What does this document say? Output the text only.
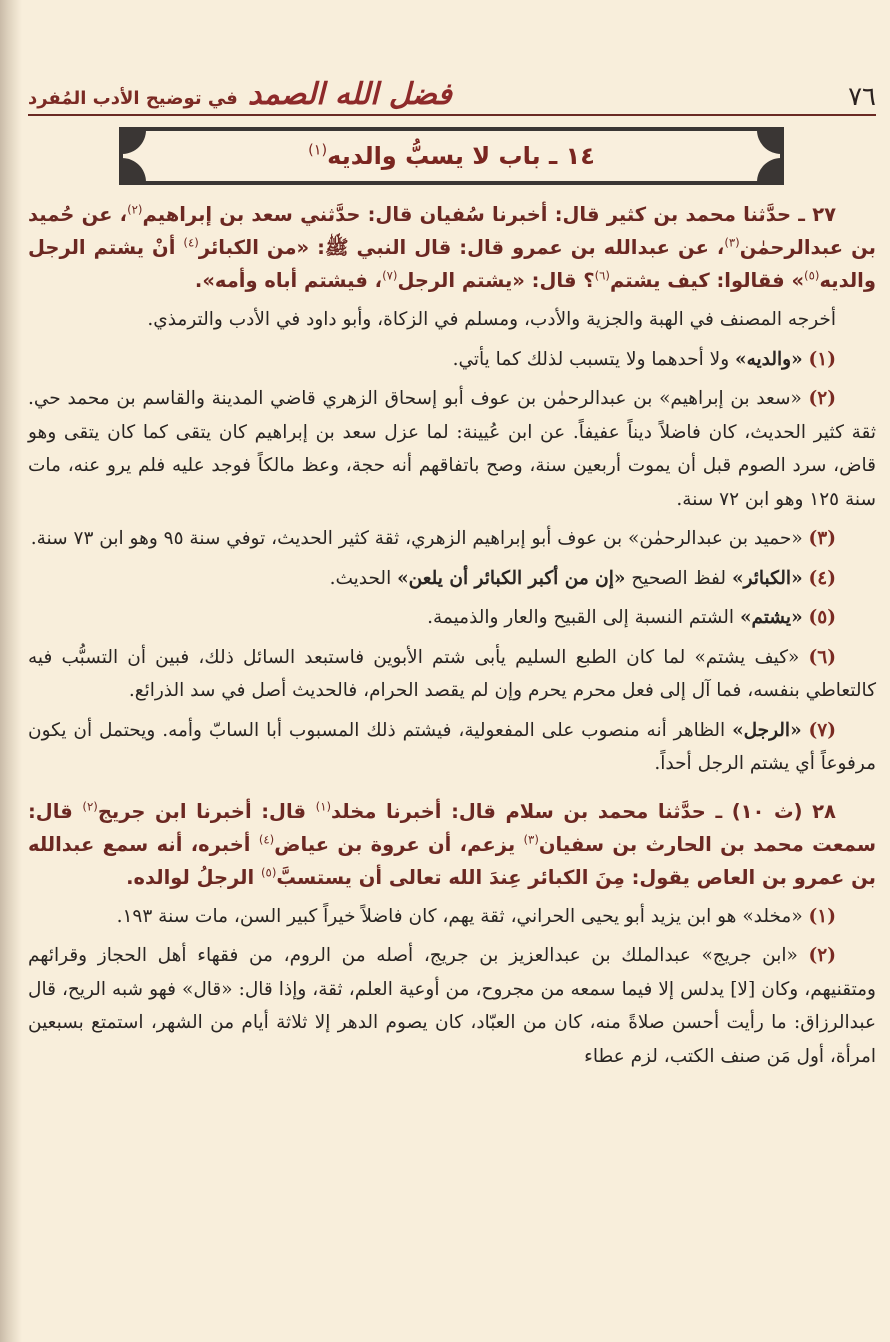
٧٦
فضل الله الصمد
في توضيح الأدب المُفرد
١٤ ـ باب لا يسبُّ والديه$^{(١)}$

٢٧ ـ حدَّثنا محمد بن كثير قال: أخبرنا سُفيان قال: حدَّثني سعد بن إبراهيم$^{(٢)}$، عن حُميد بن عبدالرحمٰن$^{(٣)}$، عن عبدالله بن عمرو قال: قال النبي ﷺ: «من الكبائر$^{(٤)}$ أنْ يشتم الرجل والديه$^{(٥)}$» فقالوا: كيف يشتم$^{(٦)}$؟ قال: «يشتم الرجل$^{(٧)}$، فيشتم أباه وأمه».

أخرجه المصنف في الهبة والجزية والأدب، ومسلم في الزكاة، وأبو داود في الأدب والترمذي.

(١) «والديه» ولا أحدهما ولا يتسبب لذلك كما يأتي.

(٢) «سعد بن إبراهيم» بن عبدالرحمٰن بن عوف أبو إسحاق الزهري قاضي المدينة والقاسم بن محمد حي. ثقة كثير الحديث، كان فاضلاً ديناً عفيفاً. عن ابن عُيينة: لما عزل سعد بن إبراهيم كان يتقى كما كان يتقى وهو قاض، سرد الصوم قبل أن يموت أربعين سنة، وصح باتفاقهم أنه حجة، وعظ مالكاً فوجد عليه فلم يرو عنه، مات سنة ١٢٥ وهو ابن ٧٢ سنة.

(٣) «حميد بن عبدالرحمٰن» بن عوف أبو إبراهيم الزهري، ثقة كثير الحديث، توفي سنة ٩٥ وهو ابن ٧٣ سنة.

(٤) «الكبائر» لفظ الصحيح «إن من أكبر الكبائر أن يلعن» الحديث.

(٥) «يشتم» الشتم النسبة إلى القبيح والعار والذميمة.

(٦) «كيف يشتم» لما كان الطبع السليم يأبى شتم الأبوين فاستبعد السائل ذلك، فبين أن التسبُّب فيه كالتعاطي بنفسه، فما آل إلى فعل محرم يحرم وإن لم يقصد الحرام، فالحديث أصل في سد الذرائع.

(٧) «الرجل» الظاهر أنه منصوب على المفعولية، فيشتم ذلك المسبوب أبا السابّ وأمه. ويحتمل أن يكون مرفوعاً أي يشتم الرجل أحداً.

٢٨ (ث ١٠) ـ حدَّثنا محمد بن سلام قال: أخبرنا مخلد$^{(١)}$ قال: أخبرنا ابن جريج$^{(٢)}$ قال: سمعت محمد بن الحارث بن سفيان$^{(٣)}$ يزعم، أن عروة بن عياض$^{(٤)}$ أخبره، أنه سمع عبدالله بن عمرو بن العاص يقول: مِنَ الكبائر عِندَ الله تعالى أن يستسبَّ$^{(٥)}$ الرجلُ لوالده.

(١) «مخلد» هو ابن يزيد أبو يحيى الحراني، ثقة يهم، كان فاضلاً خيراً كبير السن، مات سنة ١٩٣.

(٢) «ابن جريج» عبدالملك بن عبدالعزيز بن جريج، أصله من الروم، من فقهاء أهل الحجاز وقرائهم ومتقنيهم، وكان [لا] يدلس إلا فيما سمعه من مجروح، من أوعية العلم، ثقة، وإذا قال: «قال» فهو شبه الريح، قال عبدالرزاق: ما رأيت أحسن صلاةً منه، كان من العبّاد، كان يصوم الدهر إلا ثلاثة أيام من الشهر، استمتع بسبعين امرأة، أول مَن صنف الكتب، لزم عطاء
